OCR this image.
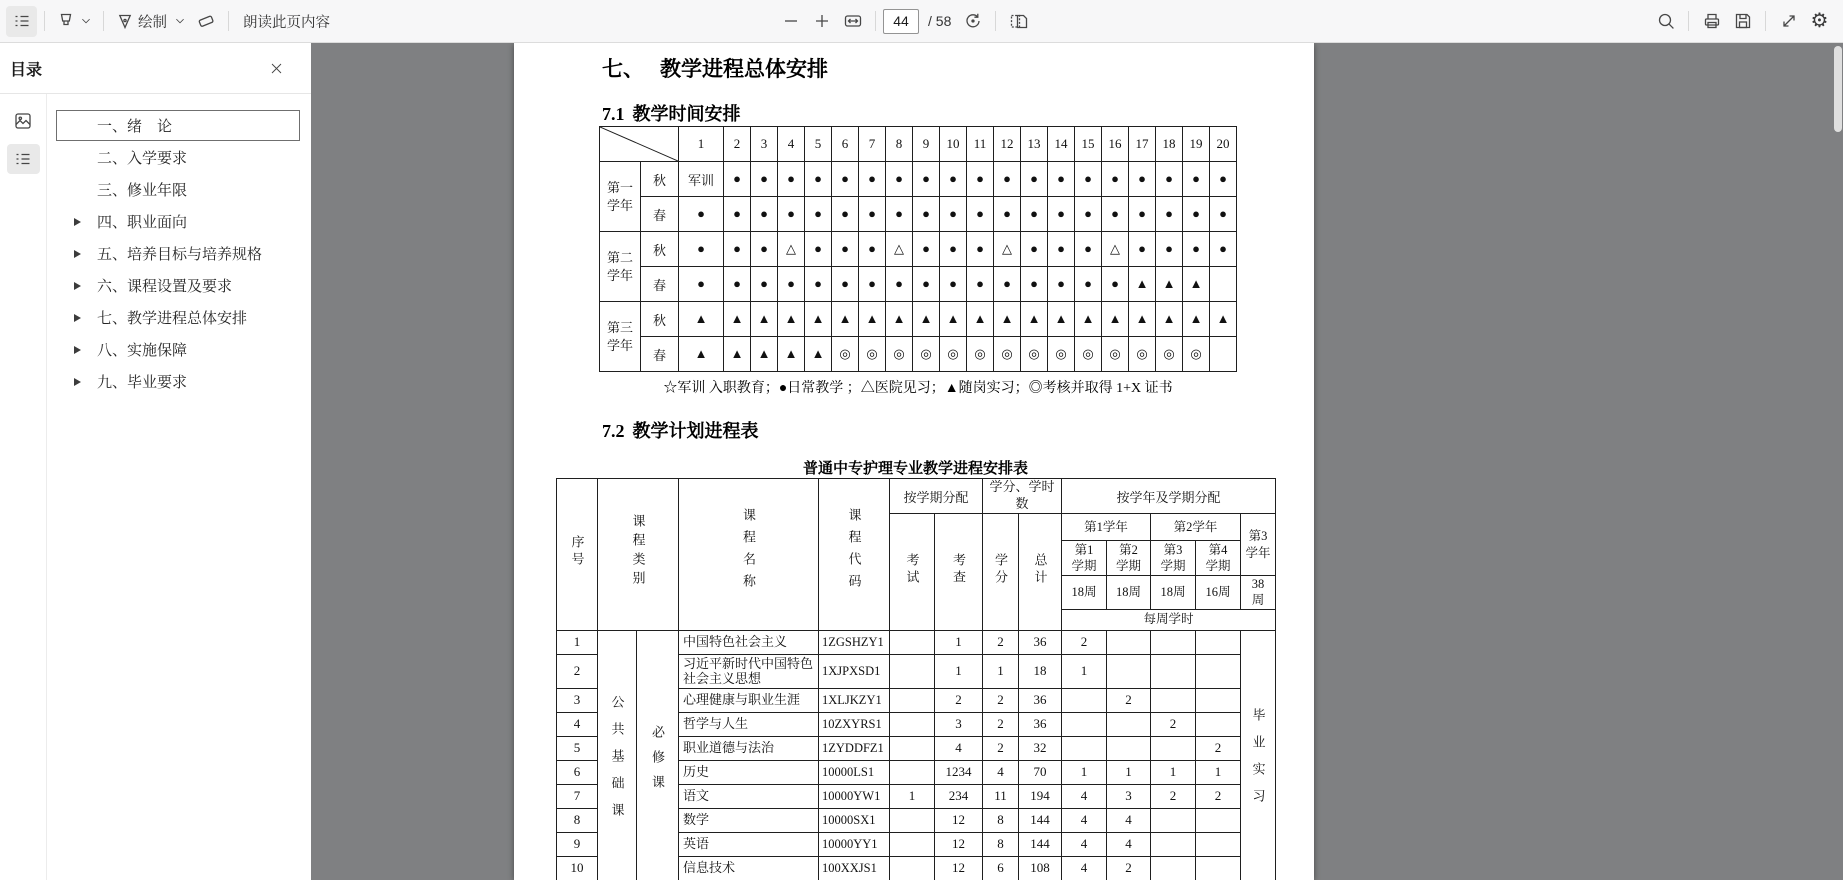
绘制	朗读此页内容
44	/ 58	⚙
目录
一、绪　论
二、入学要求
三、修业年限
四、职业面向
五、培养目标与培养规格
六、课程设置及要求
七、教学进程总体安排
八、实施保障
九、毕业要求
七、 教学进程总体安排
7.1 教学时间安排
	1	2	3	4	5	6	7	8	9	10	11	12	13	14	15	16	17	18	19	20
第一学年	秋	军训	●	●	●	●	●	●	●	●	●	●	●	●	●	●	●	●	●	●	●
	春	●	●	●	●	●	●	●	●	●	●	●	●	●	●	●	●	●	●	●	●
第二学年	秋	●	●	●	△	●	●	●	△	●	●	●	△	●	●	●	△	●	●	●	●
	春	●	●	●	●	●	●	●	●	●	●	●	●	●	●	●	●	▲	▲	▲	
第三学年	秋	▲	▲	▲	▲	▲	▲	▲	▲	▲	▲	▲	▲	▲	▲	▲	▲	▲	▲	▲	▲
	春	▲	▲	▲	▲	▲	◎	◎	◎	◎	◎	◎	◎	◎	◎	◎	◎	◎	◎	◎	
☆军训 入职教育；●日常教学 ；△医院见习；▲随岗实习；◎考核并取得 1+X 证书
7.2 教学计划进程表
普通中专护理专业教学进程安排表
序号	课程类别		课程名称	课程代码	按学期分配		学分、学时数		按学年及学期分配				
					考试	考查	学分	总计	第1学年		第2学年		第3学年
									第1学期	第2学期	第3学期	第4学期	
									18周	18周	18周	16周	38周
									每周学时				
1	公共基础课	必修课	中国特色社会主义	1ZGSHZY1		1	2	36	2				毕业实习
2			习近平新时代中国特色社会主义思想	1XJPXSD1		1	1	18	1				
3			心理健康与职业生涯	1XLJKZY1		2	2	36		2			
4			哲学与人生	10ZXYRS1		3	2	36			2		
5			职业道德与法治	1ZYDDFZ1		4	2	32				2	
6			历史	10000LS1		1234	4	70	1	1	1	1	
7			语文	10000YW1	1	234	11	194	4	3	2	2	
8			数学	10000SX1		12	8	144	4	4			
9			英语	10000YY1		12	8	144	4	4			
10			信息技术	100XXJS1		12	6	108	4	2			
